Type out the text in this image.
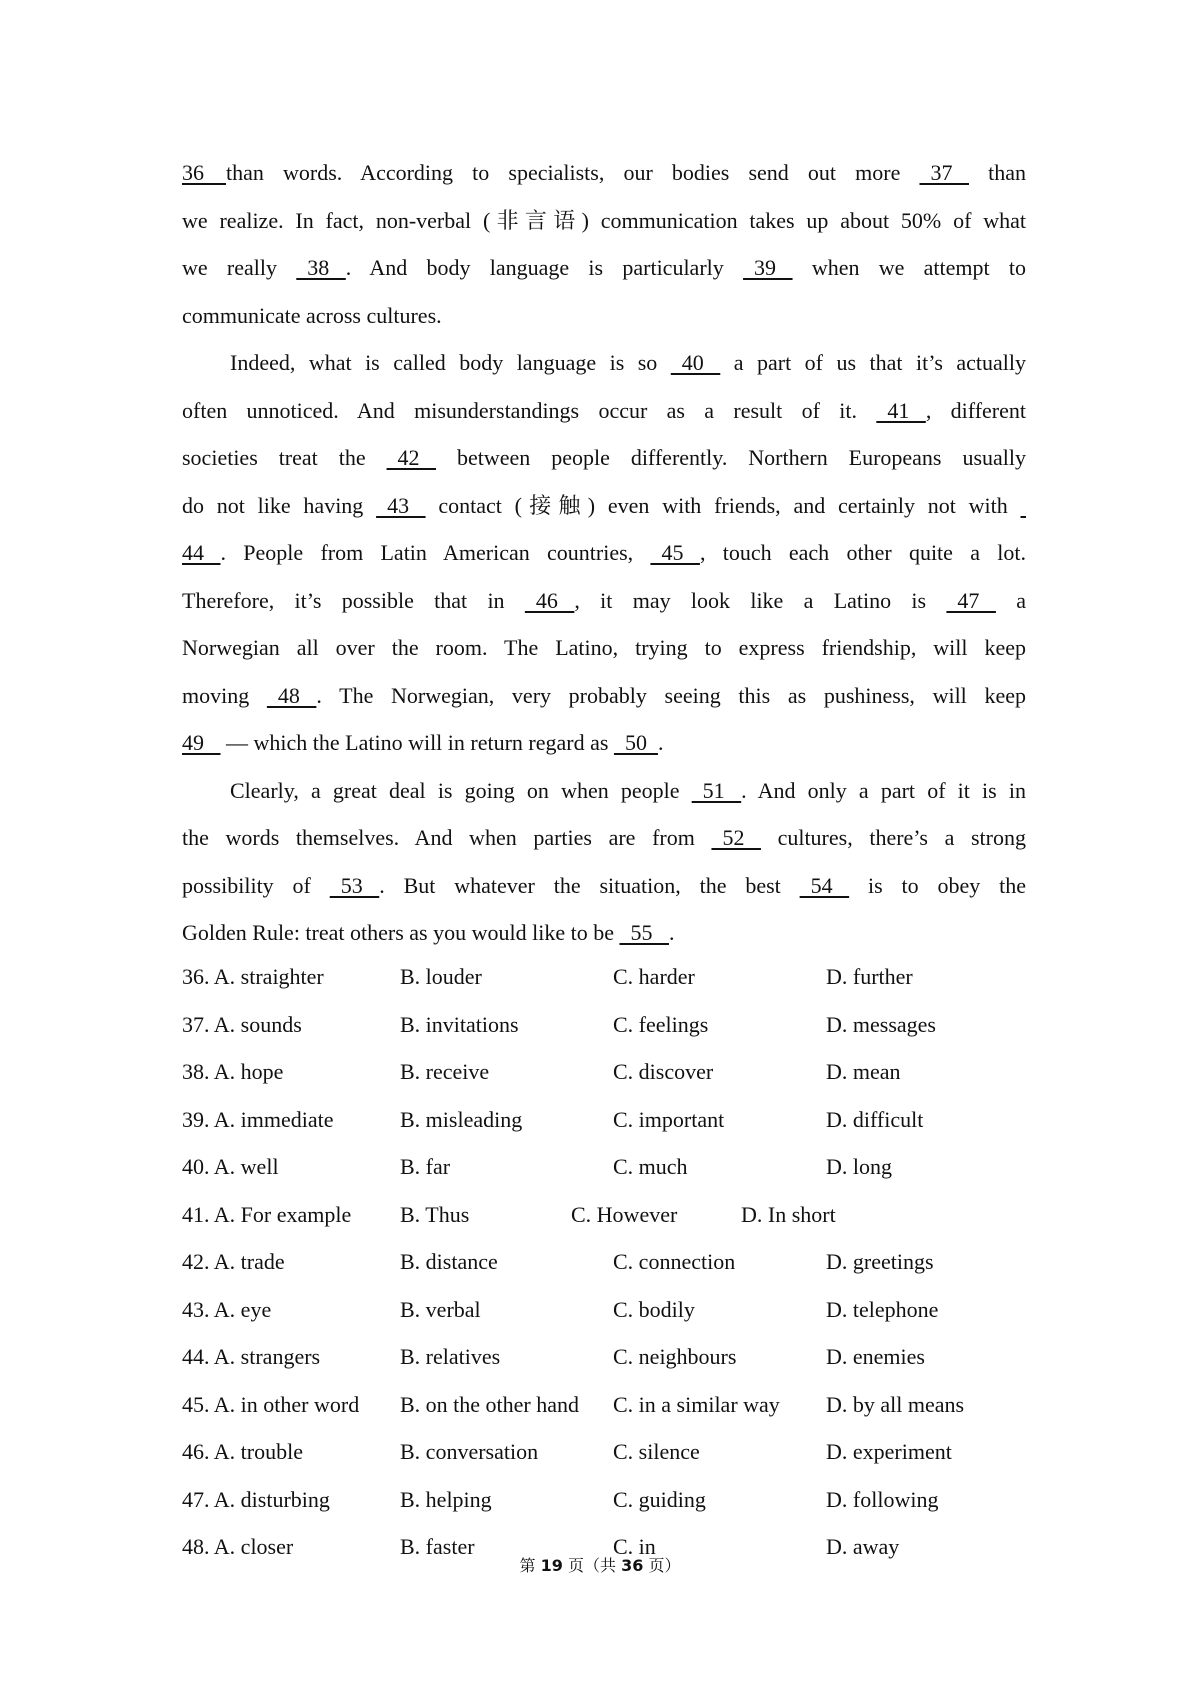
36    than words. According to specialists, our bodies send out more   37    than
we realize. In fact, non-verbal (非言语) communication takes up about 50% of what
we really   38   . And body language is particularly   39    when we attempt to
communicate across cultures.
Indeed, what is called body language is so   40    a part of us that it’s actually
often unnoticed. And misunderstandings occur as a result of it.   41   , different
societies treat the   42    between people differently. Northern Europeans usually
do not like having   43    contact (接触) even with friends, and certainly not with
44   . People from Latin American countries,   45   , touch each other quite a lot.
Therefore, it’s possible that in   46   , it may look like a Latino is   47    a
Norwegian all over the room. The Latino, trying to express friendship, will keep
moving   48   . The Norwegian, very probably seeing this as pushiness, will keep
49    — which the Latino will in return regard as   50  .
Clearly, a great deal is going on when people   51   . And only a part of it is in
the words themselves. And when parties are from   52    cultures, there’s a strong
possibility of   53   . But whatever the situation, the best   54    is to obey the
Golden Rule: treat others as you would like to be   55   .
36. A. straighter	B. louder	C. harder	D. further
37. A. sounds	B. invitations	C. feelings	D. messages
38. A. hope	B. receive	C. discover	D. mean
39. A. immediate	B. misleading	C. important	D. difficult
40. A. well	B. far	C. much	D. long
41. A. For example B. Thus	C. However	D. In short
42. A. trade	B. distance	C. connection	D. greetings
43. A. eye	B. verbal	C. bodily	D. telephone
44. A. strangers	B. relatives	C. neighbours	D. enemies
45. A. in other word B. on the other hand C. in a similar way D. by all means
46. A. trouble	B. conversation	C. silence	D. experiment
47. A. disturbing	B. helping	C. guiding	D. following
48. A. closer	B. faster	C. in	D. away
第 19 页（共 36 页）
